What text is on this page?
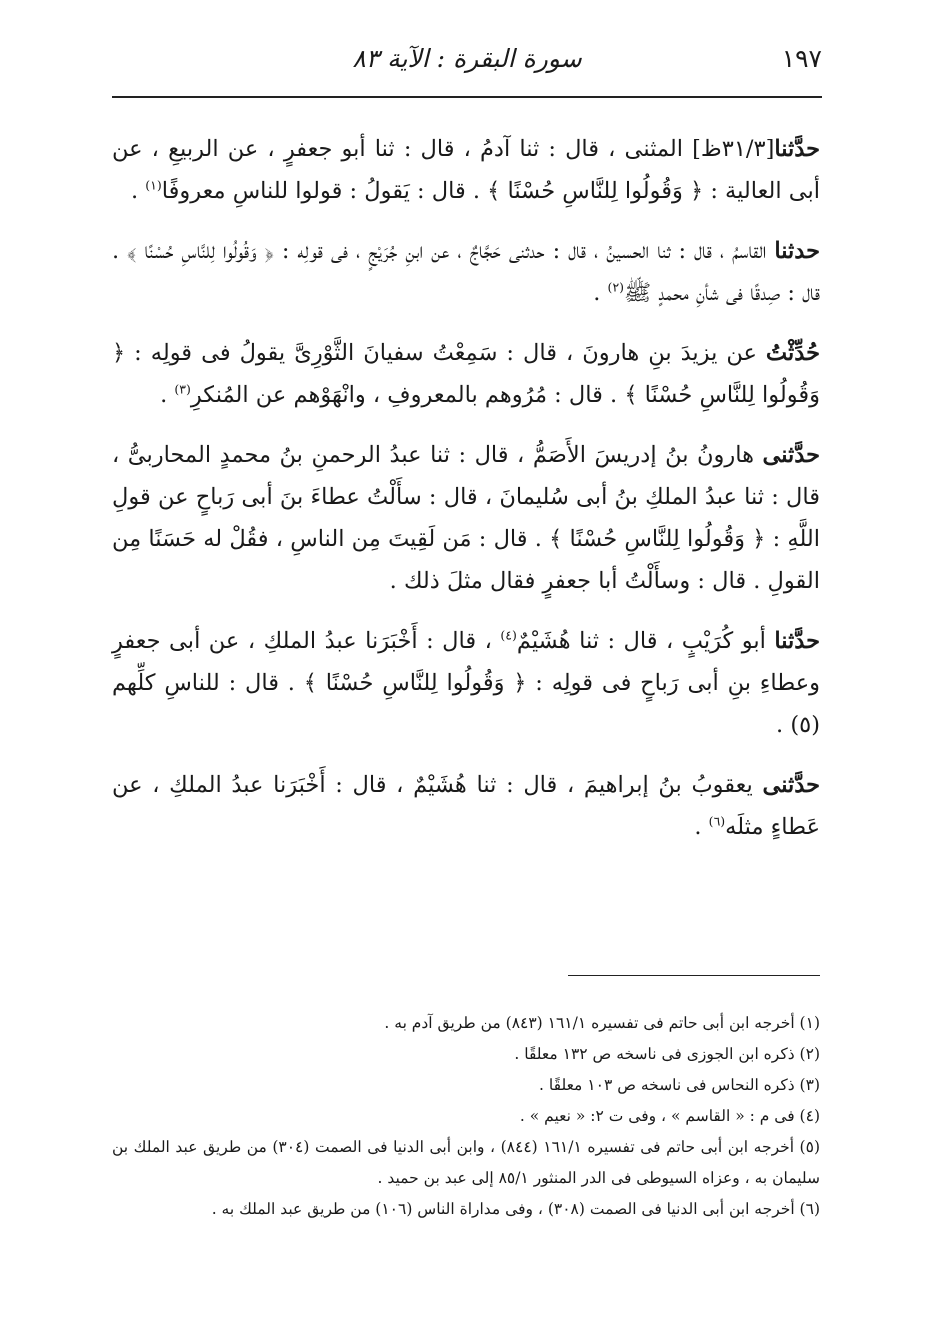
١٩٧
سورة البقرة : الآية ٨٣

حدَّثنا[٣١/٣ظ] المثنى ، قال : ثنا آدمُ ، قال : ثنا أبو جعفرٍ ، عن الربيعِ ، عن أبى العالية : ﴿ وَقُولُوا لِلنَّاسِ حُسْنًا ﴾ . قال : يَقولُ : قولوا للناسِ معروفًا$^{(١)}$ .

حدثنا القاسمُ ، قال : ثنا الحسينُ ، قال : حدثنى حَجَّاجٌ ، عن ابنِ جُرَيْجٍ ، فى قولِه : ﴿ وَقُولُوا لِلنَّاسِ حُسْنًا ﴾ . قال : صِدقًا فى شأنِ محمدٍ ﷺ$^{(٢)}$ .

حُدِّثْتُ عن يزيدَ بنِ هارونَ ، قال : سَمِعْتُ سفيانَ الثَّوْرِىَّ يقولُ فى قولِه : ﴿ وَقُولُوا لِلنَّاسِ حُسْنًا ﴾ . قال : مُرُوهم بالمعروفِ ، وانْهَوْهم عن المُنكرِ$^{(٣)}$ .

حدَّثنى هارونُ بنُ إدريسَ الأَصَمُّ ، قال : ثنا عبدُ الرحمنِ بنُ محمدٍ المحاربىُّ ، قال : ثنا عبدُ الملكِ بنُ أبى سُليمانَ ، قال : سأَلْتُ عطاءَ بنَ أبى رَباحٍ عن قولِ اللَّهِ : ﴿ وَقُولُوا لِلنَّاسِ حُسْنًا ﴾ . قال : مَن لَقِيتَ مِن الناسِ ، فقُلْ له حَسَنًا مِن القولِ . قال : وسأَلْتُ أبا جعفرٍ فقال مثلَ ذلك .

حدَّثنا أبو كُرَيْبٍ ، قال : ثنا هُشَيْمٌ$^{(٤)}$ ، قال : أَخْبَرَنا عبدُ الملكِ ، عن أبى جعفرٍ وعطاءِ بنِ أبى رَباحٍ فى قولِه : ﴿ وَقُولُوا لِلنَّاسِ حُسْنًا ﴾ . قال : للناسِ كلِّهم (٥) .

حدَّثنى يعقوبُ بنُ إبراهيمَ ، قال : ثنا هُشَيْمٌ ، قال : أَخْبَرَنا عبدُ الملكِ ، عن عَطاءٍ مثلَه$^{(٦)}$ .

(١) أخرجه ابن أبى حاتم فى تفسيره ١٦١/١ (٨٤٣) من طريق آدم به .

(٢) ذكره ابن الجوزى فى ناسخه ص ١٣٢ معلقًا .

(٣) ذكره النحاس فى ناسخه ص ١٠٣ معلقًا .

(٤) فى م : « القاسم » ، وفى ت ٢: « نعيم » .

(٥) أخرجه ابن أبى حاتم فى تفسيره ١٦١/١ (٨٤٤) ، وابن أبى الدنيا فى الصمت (٣٠٤) من طريق عبد الملك بن سليمان به ، وعزاه السيوطى فى الدر المنثور ٨٥/١ إلى عبد بن حميد .

(٦) أخرجه ابن أبى الدنيا فى الصمت (٣٠٨) ، وفى مداراة الناس (١٠٦) من طريق عبد الملك به .
